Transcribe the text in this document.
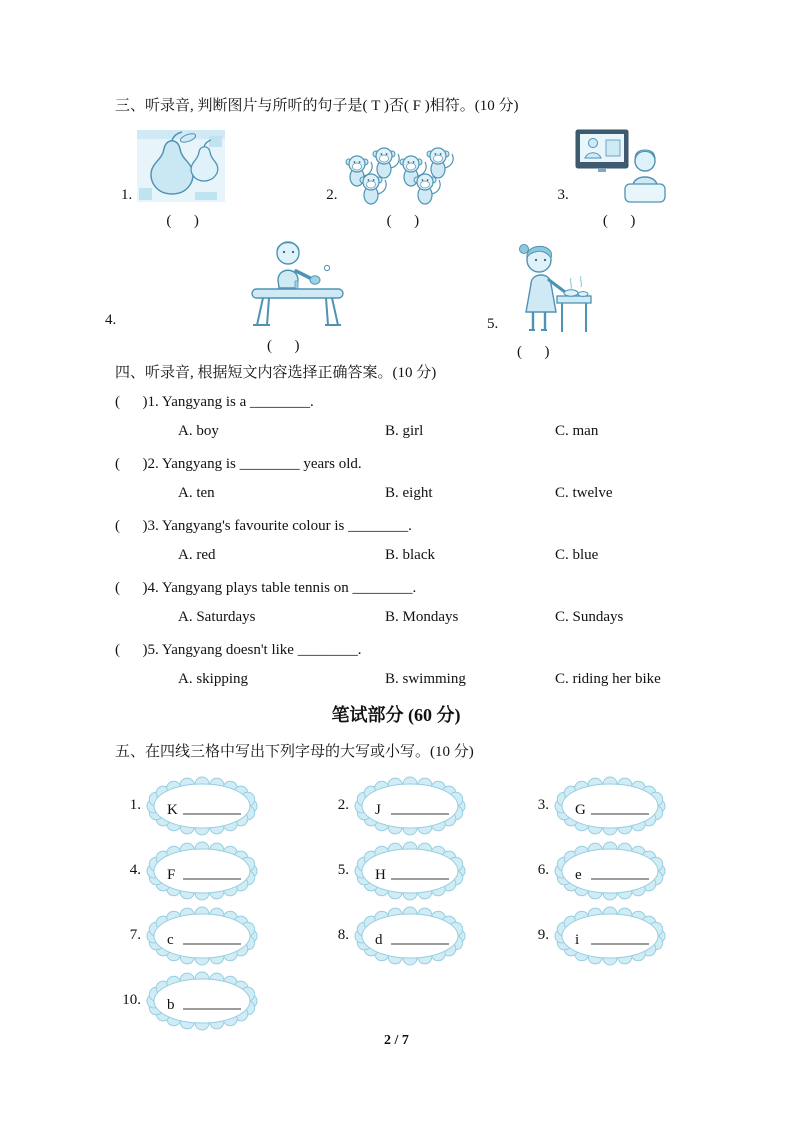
三、听录音, 判断图片与所听的句子是( T )否( F )相符。(10 分)
1.
(      )
2.
(      )
3.
(      )
4.
(      )
5.
(      )
四、听录音, 根据短文内容选择正确答案。(10 分)
(      )1. Yangyang is a ________.
A. boy	B. girl	C. man
(      )2. Yangyang is ________ years old.
A. ten	B. eight	C. twelve
(      )3. Yangyang's favourite colour is ________.
A. red	B. black	C. blue
(      )4. Yangyang plays table tennis on ________.
A. Saturdays	B. Mondays	C. Sundays
(      )5. Yangyang doesn't like ________.
A. skipping	B. swimming	C. riding her bike
笔试部分 (60 分)
五、在四线三格中写出下列字母的大写或小写。(10 分)
1. K	2. J	3. G
4. F	5. H	6. e
7. c	8. d	9. i
10. b
2 / 7
